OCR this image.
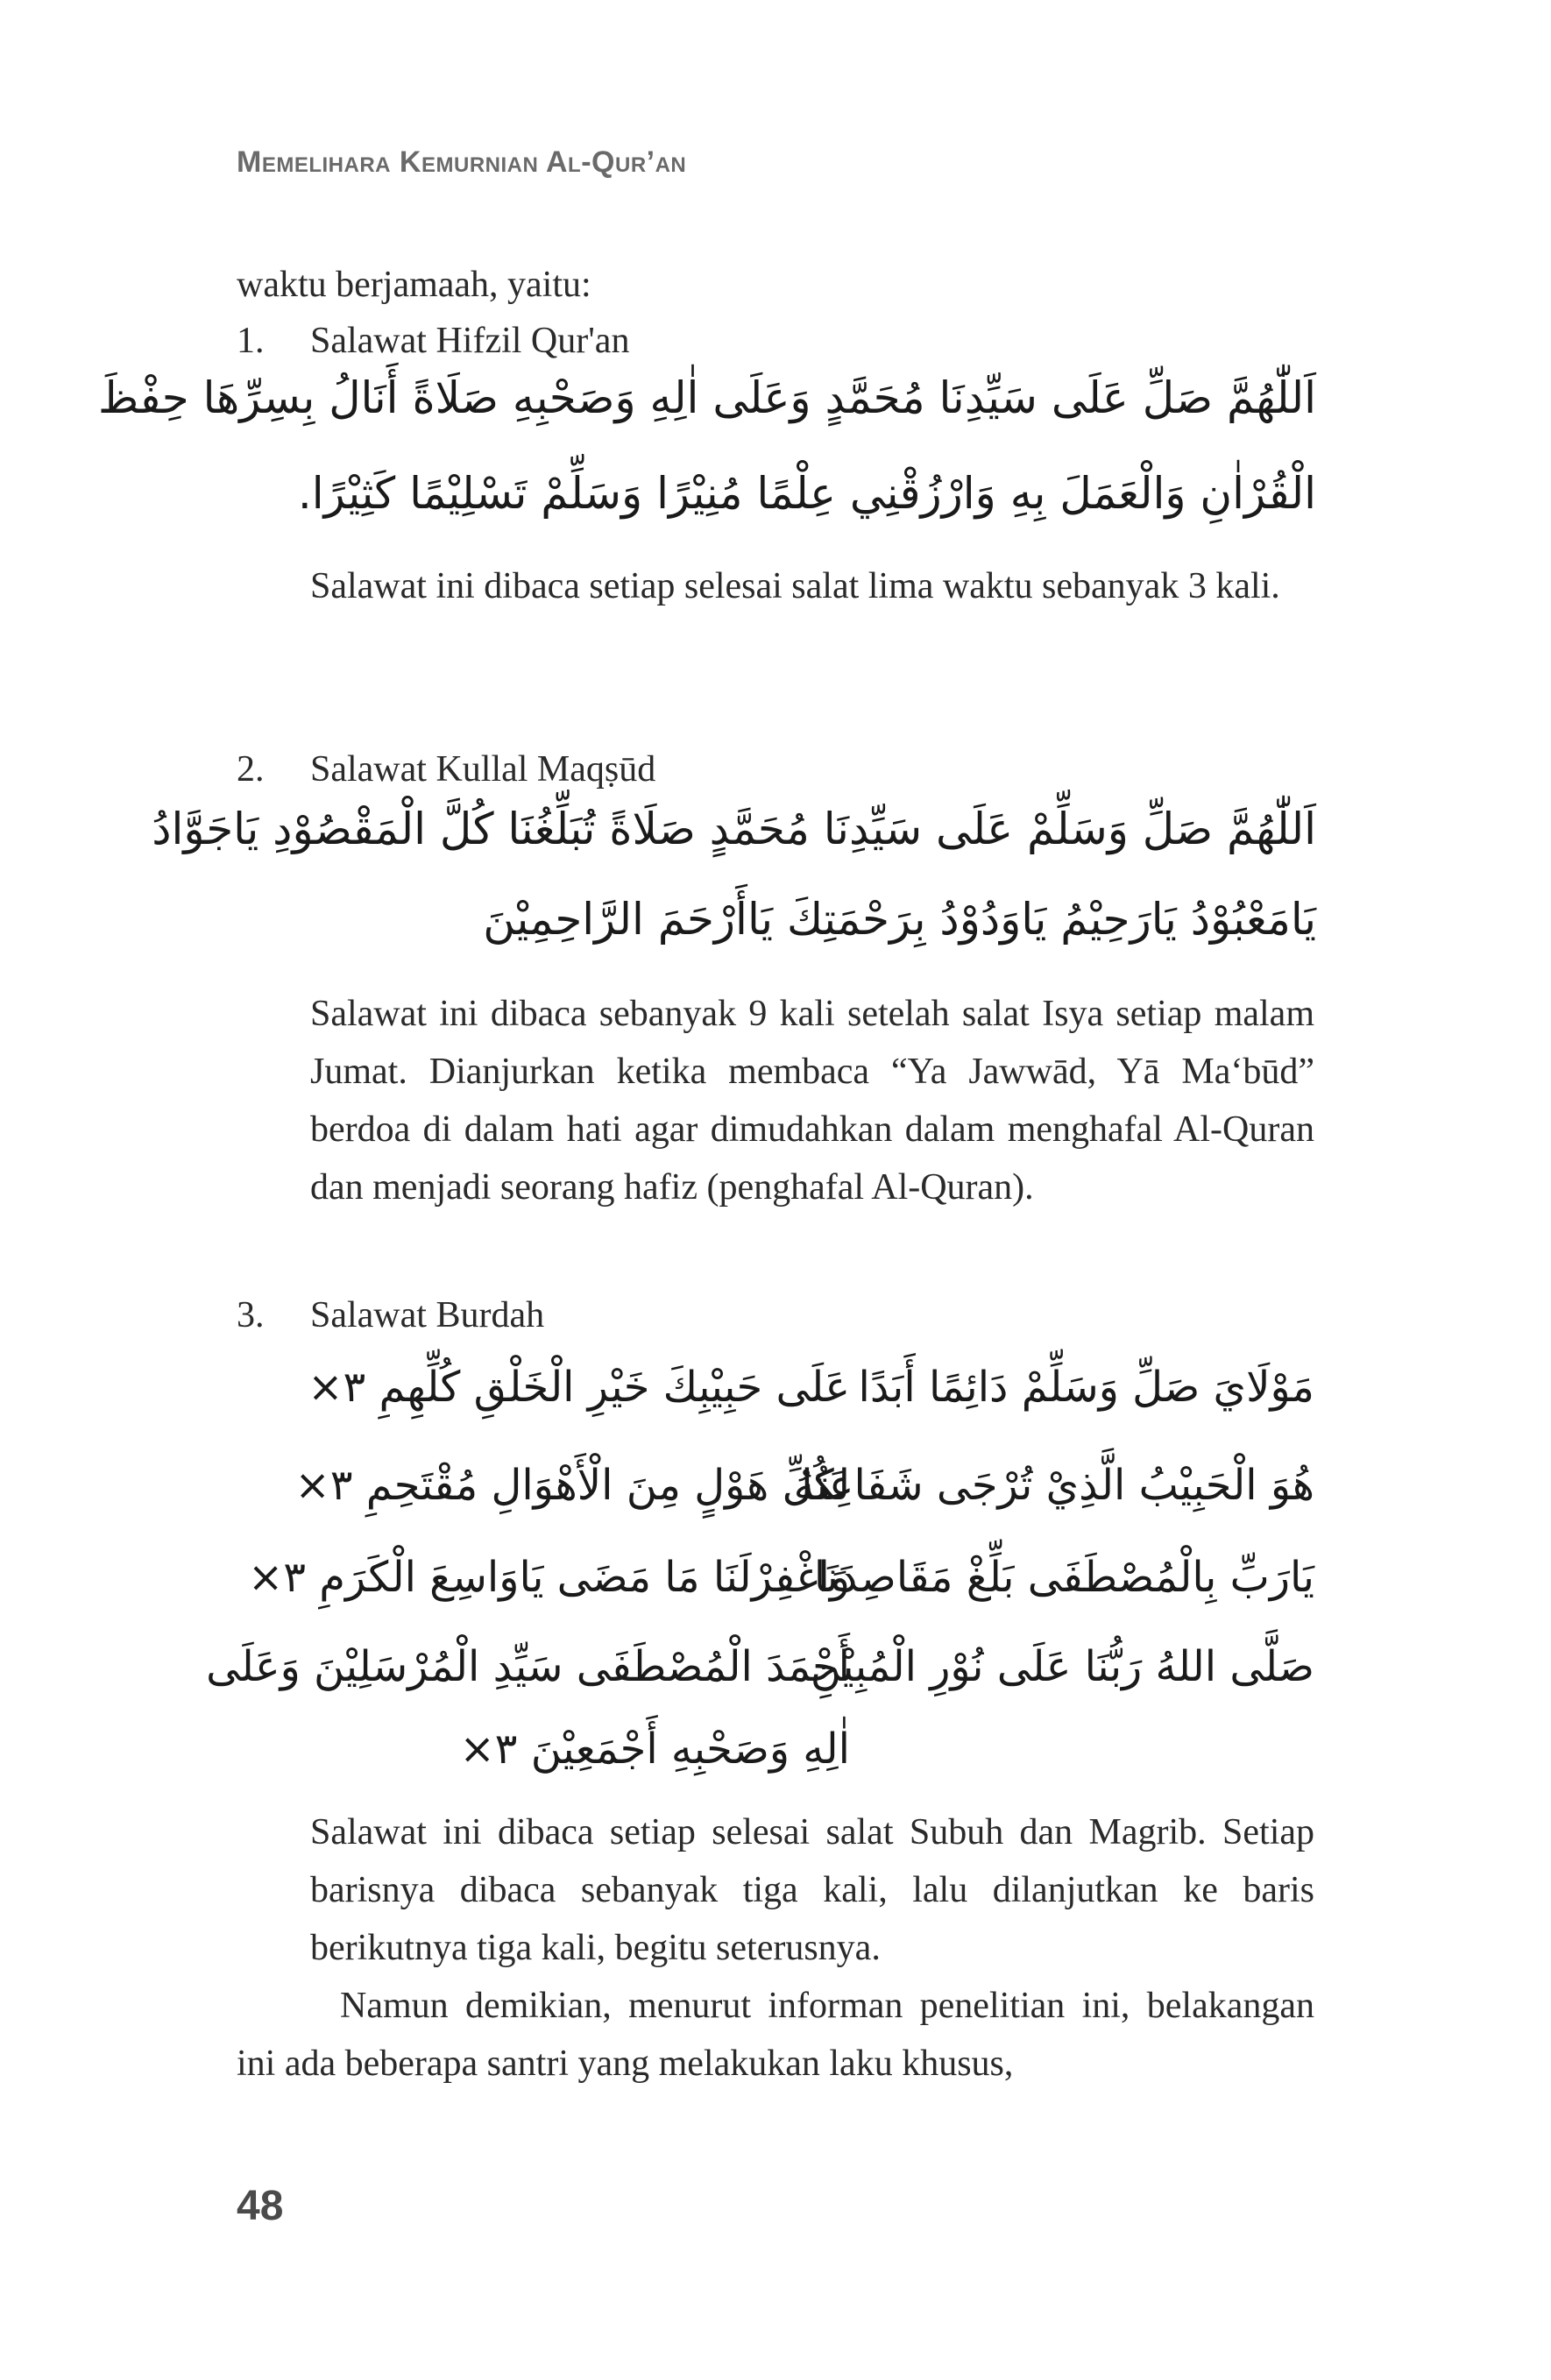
Memelihara Kemurnian Al-Qur’an
waktu berjamaah, yaitu:
1.	Salawat Hifzil Qur'an
اَللّٰهُمَّ صَلِّ عَلَى سَيِّدِنَا مُحَمَّدٍ وَعَلَى اٰلِهِ وَصَحْبِهِ صَلَاةً أَنَالُ بِسِرِّهَا حِفْظَ
الْقُرْاٰنِ وَالْعَمَلَ بِهِ وَارْزُقْنِي عِلْمًا مُنِيْرًا وَسَلِّمْ تَسْلِيْمًا كَثِيْرًا.
Salawat ini dibaca setiap selesai salat lima waktu sebanyak 3 kali.
2.	Salawat Kullal Maqṣūd
اَللّٰهُمَّ صَلِّ وَسَلِّمْ عَلَى سَيِّدِنَا مُحَمَّدٍ صَلَاةً تُبَلِّغُنَا كُلَّ الْمَقْصُوْدِ يَاجَوَّادُ
يَامَعْبُوْدُ يَارَحِيْمُ يَاوَدُوْدُ بِرَحْمَتِكَ يَاأَرْحَمَ الرَّاحِمِيْنَ
Salawat ini dibaca sebanyak 9 kali setelah salat Isya setiap malam Jumat. Dianjurkan ketika membaca “Ya Jawwād, Yā Ma‘būd” berdoa di dalam hati agar dimudahkan dalam menghafal Al-Quran dan menjadi seorang hafiz (penghafal Al-Quran).
3.	Salawat Burdah
مَوْلَايَ صَلِّ وَسَلِّمْ دَائِمًا أَبَدًا
عَلَى حَبِيْبِكَ خَيْرِ الْخَلْقِ كُلِّهِمِ ٣×
هُوَ الْحَبِيْبُ الَّذِيْ تُرْجَى شَفَاعَتُهُ
لِكُلِّ هَوْلٍ مِنَ الْأَهْوَالِ مُقْتَحِمِ ٣×
يَارَبِّ بِالْمُصْطَفَى بَلِّغْ مَقَاصِدَنَا
وَاغْفِرْلَنَا مَا مَضَى يَاوَاسِعَ الْكَرَمِ ٣×
صَلَّى اللهُ رَبُّنَا عَلَى نُوْرِ الْمُبِيْنِ
أَحْمَدَ الْمُصْطَفَى سَيِّدِ الْمُرْسَلِيْنَ وَعَلَى
اٰلِهِ وَصَحْبِهِ أَجْمَعِيْنَ ٣×
Salawat ini dibaca setiap selesai salat Subuh dan Magrib. Setiap barisnya dibaca sebanyak tiga kali, lalu dilanjutkan ke baris berikutnya tiga kali, begitu seterusnya.
Namun demikian, menurut informan penelitian ini, belakangan ini ada beberapa santri yang melakukan laku khusus,
48
